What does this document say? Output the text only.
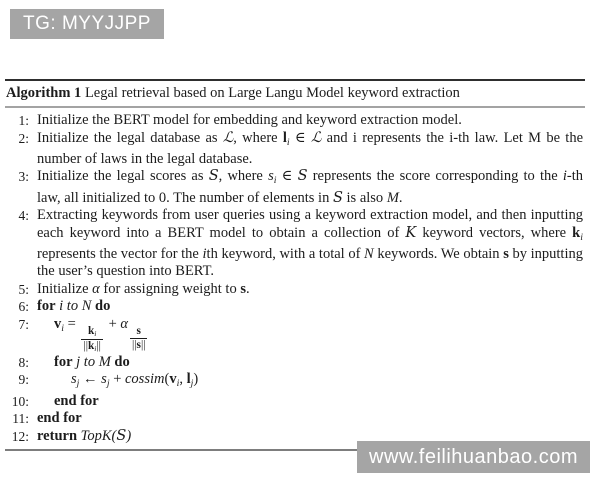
TG: MYYJJPP
Algorithm 1 Legal retrieval based on Large Langu Model keyword extraction
1: Initialize the BERT model for embedding and keyword extraction model.
2: Initialize the legal database as ℒ, where $l_i$ ∈ ℒ and i represents the i-th law. Let M be the number of laws in the legal database.
3: Initialize the legal scores as S, where $s_i$ ∈ S represents the score corresponding to the i-th law, all initialized to 0. The number of elements in S is also M.
4: Extracting keywords from user queries using a keyword extraction model, and then inputting each keyword into a BERT model to obtain a collection of K keyword vectors, where $k_i$ represents the vector for the ith keyword, with a total of N keywords. We obtain s by inputting the user’s question into BERT.
5: Initialize α for assigning weight to s.
6: for i to N do
7:	$v_i$ =
$\frac{k_i}{||k_i||}$
+ α
$\frac{s}{||s||}$
8:	for j to M do
9:	$s_j$ ← $s_j$ + $cossim(v_i$, $l_j$)
10:	end for
11: end for
12: return TopK(S)
www.feilihuanbao.com
